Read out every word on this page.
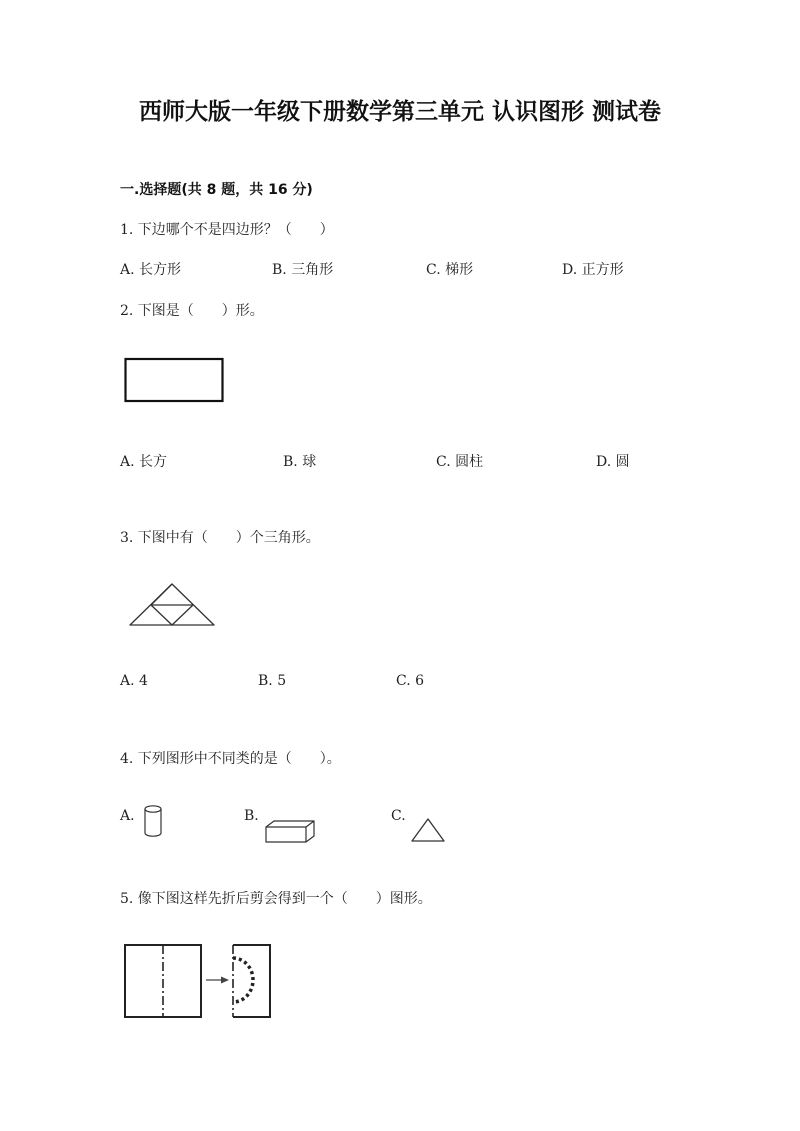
西师大版一年级下册数学第三单元 认识图形 测试卷
一.选择题(共 8 题，共 16 分)
1. 下边哪个不是四边形？（　　）
A. 长方形	B. 三角形	C. 梯形	D. 正方形
2. 下图是（　　）形。
A. 长方	B. 球	C. 圆柱	D. 圆
3. 下图中有（　　）个三角形。
A. 4	B. 5	C. 6
4. 下列图形中不同类的是（　　）。
A.	B.	C.
5. 像下图这样先折后剪会得到一个（　　）图形。
